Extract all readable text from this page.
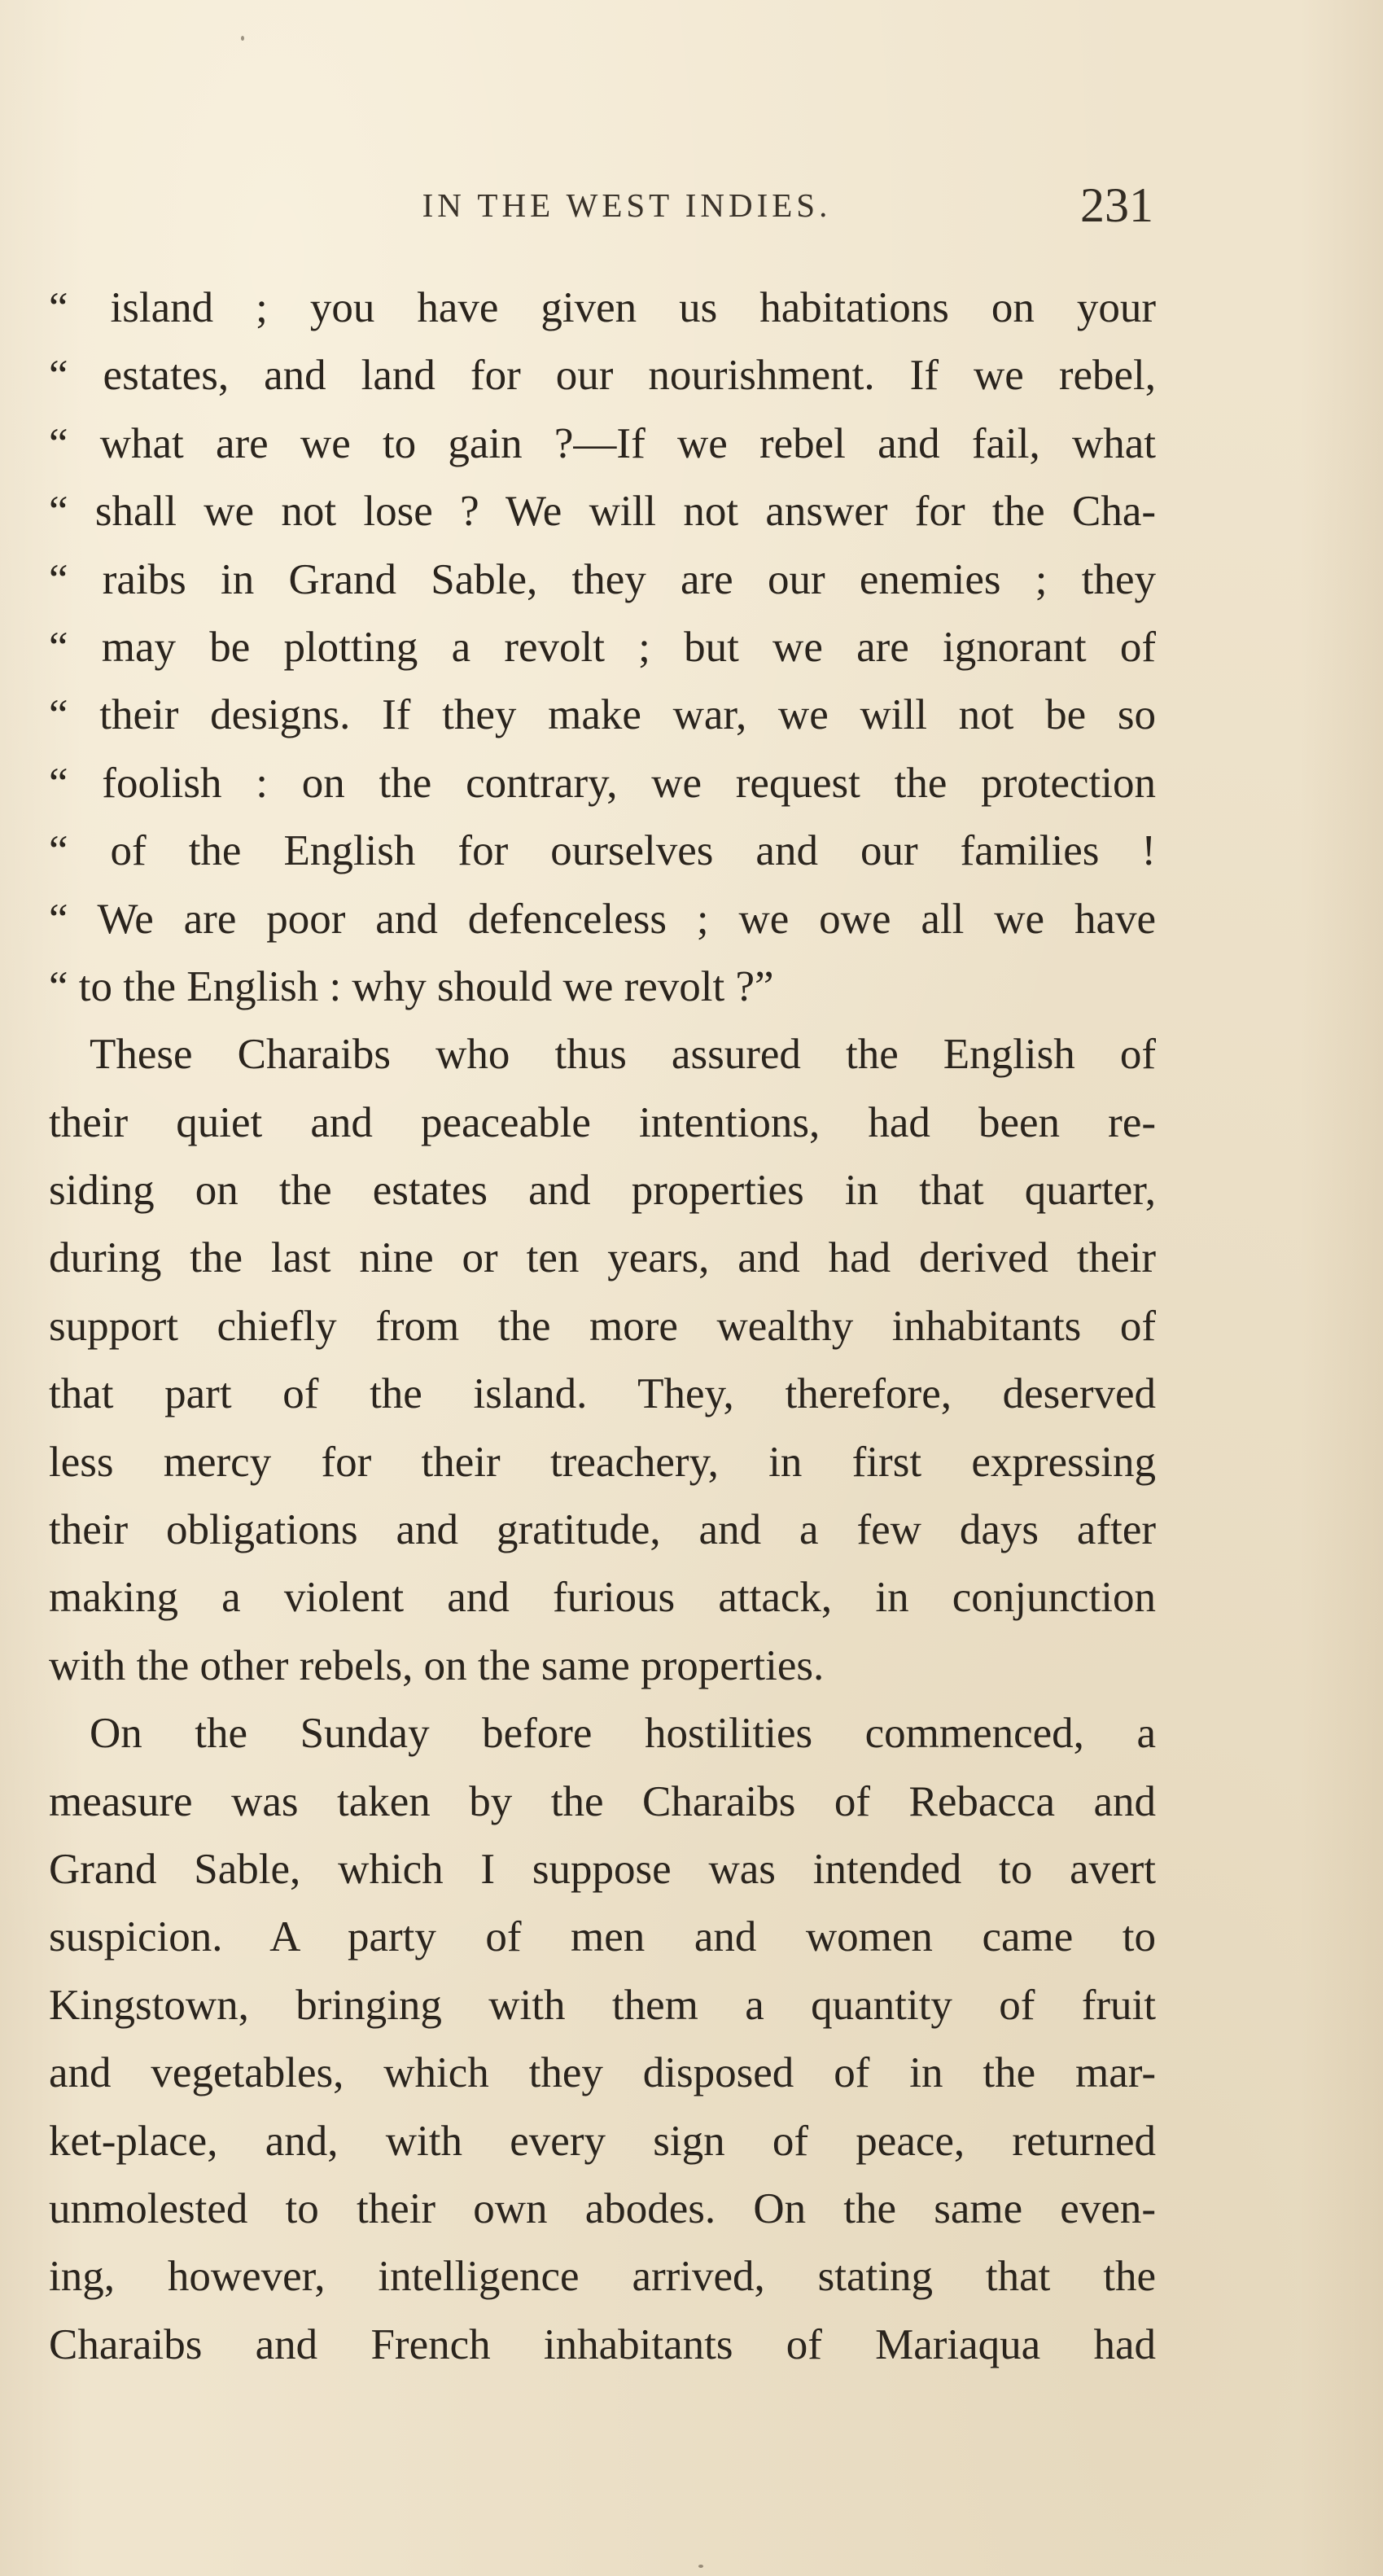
IN THE WEST INDIES.	231
“ island ; you have given us habitations on your
“ estates, and land for our nourishment. If we rebel,
“ what are we to gain ?—If we rebel and fail, what
“ shall we not lose ? We will not answer for the Cha-
“ raibs in Grand Sable, they are our enemies ; they
“ may be plotting a revolt ; but we are ignorant of
“ their designs. If they make war, we will not be so
“ foolish : on the contrary, we request the protection
“ of the English for ourselves and our families !
“ We are poor and defenceless ; we owe all we have
“ to the English : why should we revolt ?”
These Charaibs who thus assured the English of
their quiet and peaceable intentions, had been re-
siding on the estates and properties in that quarter,
during the last nine or ten years, and had derived their
support chiefly from the more wealthy inhabitants of
that part of the island. They, therefore, deserved
less mercy for their treachery, in first expressing
their obligations and gratitude, and a few days after
making a violent and furious attack, in conjunction
with the other rebels, on the same properties.
On the Sunday before hostilities commenced, a
measure was taken by the Charaibs of Rebacca and
Grand Sable, which I suppose was intended to avert
suspicion. A party of men and women came to
Kingstown, bringing with them a quantity of fruit
and vegetables, which they disposed of in the mar-
ket-place, and, with every sign of peace, returned
unmolested to their own abodes. On the same even-
ing, however, intelligence arrived, stating that the
Charaibs and French inhabitants of Mariaqua had
